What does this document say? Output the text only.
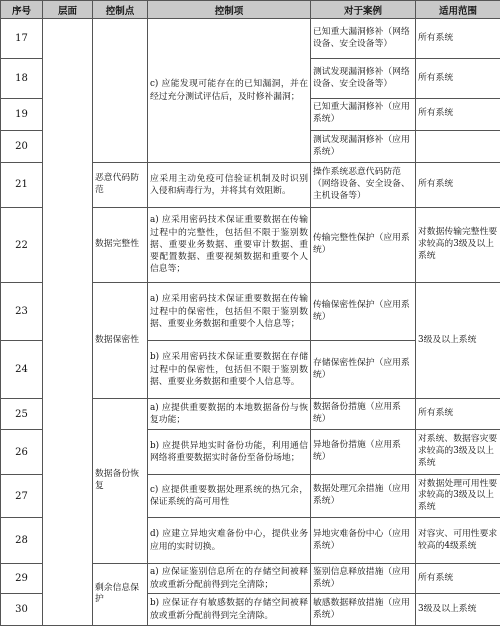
序号	层面	控制点	控制项	对于案例	适用范围
17			c) 应能发现可能存在的已知漏洞，并在经过充分测试评估后，及时修补漏洞；	已知重大漏洞修补（网络设备、安全设备等）	所有系统
18				测试发现漏洞修补（网络设备、安全设备等）	所有系统
19				已知重大漏洞修补（应用系统）	所有系统
20				测试发现漏洞修补（应用系统）	
21		恶意代码防范	应采用主动免疫可信验证机制及时识别入侵和病毒行为，并将其有效阻断。	操作系统恶意代码防范（网络设备、安全设备、主机设备等）	所有系统
22		数据完整性	a) 应采用密码技术保证重要数据在传输过程中的完整性，包括但不限于鉴别数据、重要业务数据、重要审计数据、重要配置数据、重要视频数据和重要个人信息等；	传输完整性保护（应用系统）	对数据传输完整性要求较高的3级及以上系统
23		数据保密性	a) 应采用密码技术保证重要数据在传输过程中的保密性，包括但不限于鉴别数据、重要业务数据和重要个人信息等；	传输保密性保护（应用系统）	3级及以上系统
24			b) 应采用密码技术保证重要数据在存储过程中的保密性，包括但不限于鉴别数据、重要业务数据和重要个人信息等。	存储保密性保护（应用系统）	
25		数据备份恢复	a) 应提供重要数据的本地数据备份与恢复功能；	数据备份措施（应用系统）	所有系统
26			b) 应提供异地实时备份功能，利用通信网络将重要数据实时备份至备份场地；	异地备份措施（应用系统）	对系统、数据容灾要求较高的3级及以上系统
27			c) 应提供重要数据处理系统的热冗余，保证系统的高可用性	数据处理冗余措施（应用系统）	对数据处理可用性要求较高的3级及以上系统
28			d) 应建立异地灾难备份中心，提供业务应用的实时切换。	异地灾难备份中心（应用系统）	对容灾、可用性要求较高的4级系统
29		剩余信息保护	a) 应保证鉴别信息所在的存储空间被释放或重新分配前得到完全清除；	鉴别信息释放措施（应用系统）	所有系统
30			b) 应保证存有敏感数据的存储空间被释放或重新分配前得到完全清除。	敏感数据释放措施（应用系统）	3级及以上系统
